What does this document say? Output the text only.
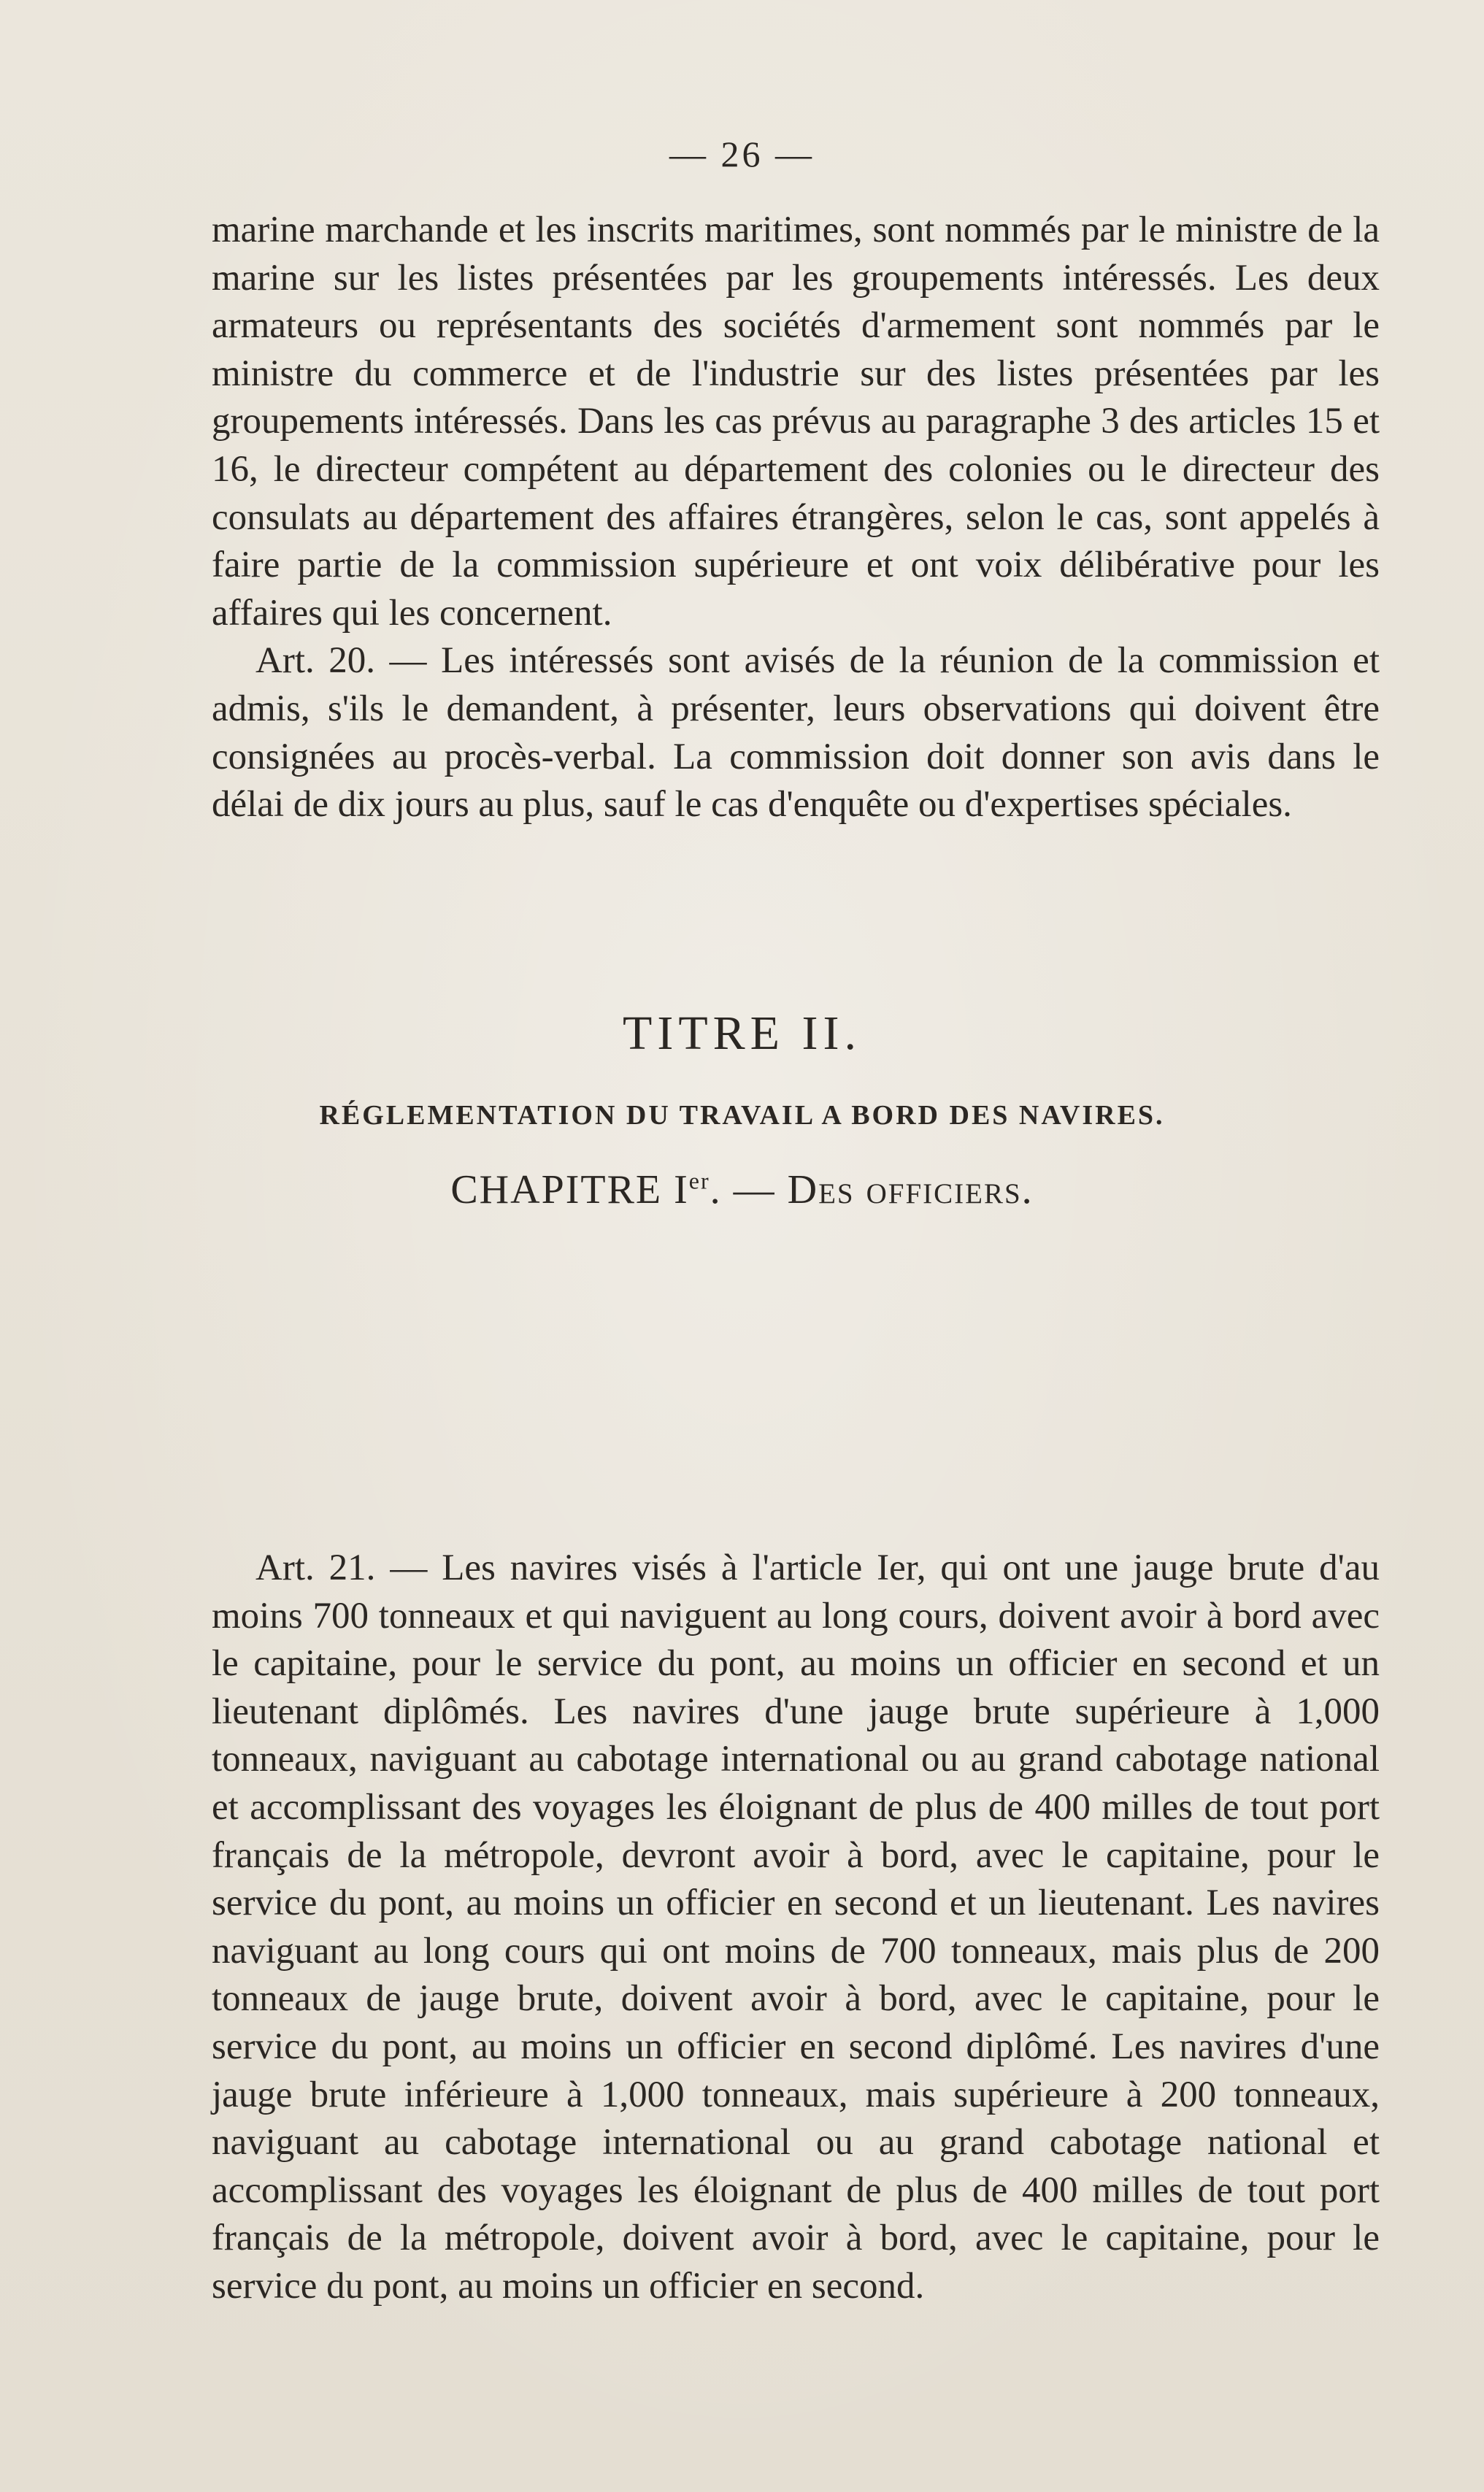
— 26 —

marine marchande et les inscrits maritimes, sont nommés par le ministre de la marine sur les listes présentées par les groupements intéressés. Les deux armateurs ou représentants des sociétés d'armement sont nommés par le ministre du commerce et de l'industrie sur des listes présentées par les groupements intéressés. Dans les cas prévus au paragraphe 3 des articles 15 et 16, le directeur compétent au département des colonies ou le directeur des consulats au département des affaires étrangères, selon le cas, sont appelés à faire partie de la commission supérieure et ont voix délibérative pour les affaires qui les concernent.

Art. 20. — Les intéressés sont avisés de la réunion de la commission et admis, s'ils le demandent, à présenter, leurs observations qui doivent être consignées au procès-verbal. La commission doit donner son avis dans le délai de dix jours au plus, sauf le cas d'enquête ou d'expertises spéciales.

TITRE II.
RÉGLEMENTATION DU TRAVAIL A BORD DES NAVIRES.
CHAPITRE Ier. — Des officiers.

Art. 21. — Les navires visés à l'article Ier, qui ont une jauge brute d'au moins 700 tonneaux et qui naviguent au long cours, doivent avoir à bord avec le capitaine, pour le service du pont, au moins un officier en second et un lieutenant diplômés. Les navires d'une jauge brute supérieure à 1,000 tonneaux, naviguant au cabotage international ou au grand cabotage national et accomplissant des voyages les éloignant de plus de 400 milles de tout port français de la métropole, devront avoir à bord, avec le capitaine, pour le service du pont, au moins un officier en second et un lieutenant. Les navires naviguant au long cours qui ont moins de 700 tonneaux, mais plus de 200 tonneaux de jauge brute, doivent avoir à bord, avec le capitaine, pour le service du pont, au moins un officier en second diplômé. Les navires d'une jauge brute inférieure à 1,000 tonneaux, mais supérieure à 200 tonneaux, naviguant au cabotage international ou au grand cabotage national et accomplissant des voyages les éloignant de plus de 400 milles de tout port français de la métropole, doivent avoir à bord, avec le capitaine, pour le service du pont, au moins un officier en second.
